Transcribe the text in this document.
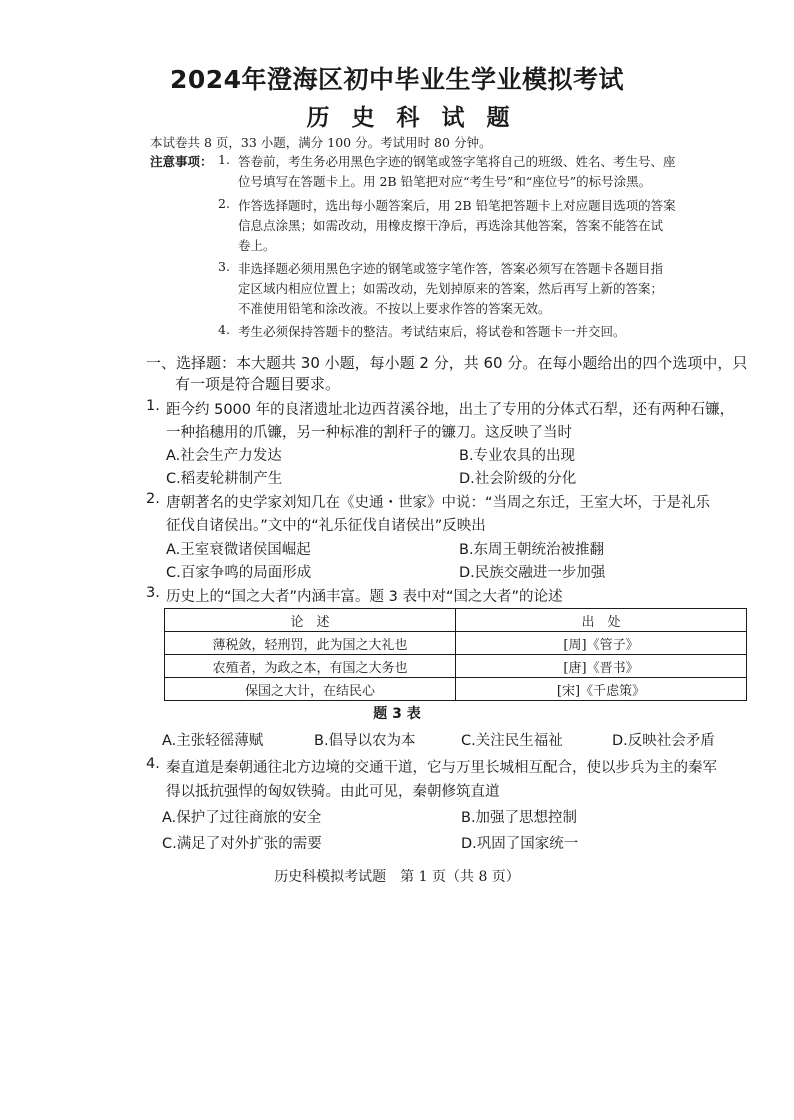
2024年澄海区初中毕业生学业模拟考试
历史科试题
本试卷共 8 页，33 小题，满分 100 分。考试用时 80 分钟。
注意事项： 1. 答卷前，考生务必用黑色字迹的钢笔或签字笔将自己的班级、姓名、考生号、座
位号填写在答题卡上。用 2B 铅笔把对应“考生号”和“座位号”的标号涂黑。
2. 作答选择题时，选出每小题答案后，用 2B 铅笔把答题卡上对应题目选项的答案
信息点涂黑；如需改动，用橡皮擦干净后，再选涂其他答案，答案不能答在试
卷上。
3. 非选择题必须用黑色字迹的钢笔或签字笔作答，答案必须写在答题卡各题目指
定区域内相应位置上；如需改动，先划掉原来的答案，然后再写上新的答案；
不准使用铅笔和涂改液。不按以上要求作答的答案无效。
4. 考生必须保持答题卡的整洁。考试结束后，将试卷和答题卡一并交回。
一、选择题：本大题共 30 小题，每小题 2 分，共 60 分。在每小题给出的四个选项中，只
有一项是符合题目要求。
1. 距今约 5000 年的良渚遗址北边西苕溪谷地，出土了专用的分体式石犁，还有两种石镰，
一种掐穗用的爪镰，另一种标准的割秆子的镰刀。这反映了当时
A.社会生产力发达	B.专业农具的出现
C.稻麦轮耕制产生	D.社会阶级的分化
2. 唐朝著名的史学家刘知几在《史通・世家》中说：“当周之东迁，王室大坏，于是礼乐
征伐自诸侯出。”文中的“礼乐征伐自诸侯出”反映出
A.王室衰微诸侯国崛起	B.东周王朝统治被推翻
C.百家争鸣的局面形成	D.民族交融进一步加强
3. 历史上的“国之大者”内涵丰富。题 3 表中对“国之大者”的论述
论　述	出　处
薄税敛，轻刑罚，此为国之大礼也	[周]《管子》
农殖者，为政之本，有国之大务也	[唐]《晋书》
保国之大计，在结民心	[宋]《千虑策》
题 3 表
A.主张轻徭薄赋	B.倡导以农为本	C.关注民生福祉	D.反映社会矛盾
4. 秦直道是秦朝通往北方边境的交通干道，它与万里长城相互配合，使以步兵为主的秦军
得以抵抗强悍的匈奴铁骑。由此可见，秦朝修筑直道
A.保护了过往商旅的安全	B.加强了思想控制
C.满足了对外扩张的需要	D.巩固了国家统一
历史科模拟考试题　第 1 页（共 8 页）
